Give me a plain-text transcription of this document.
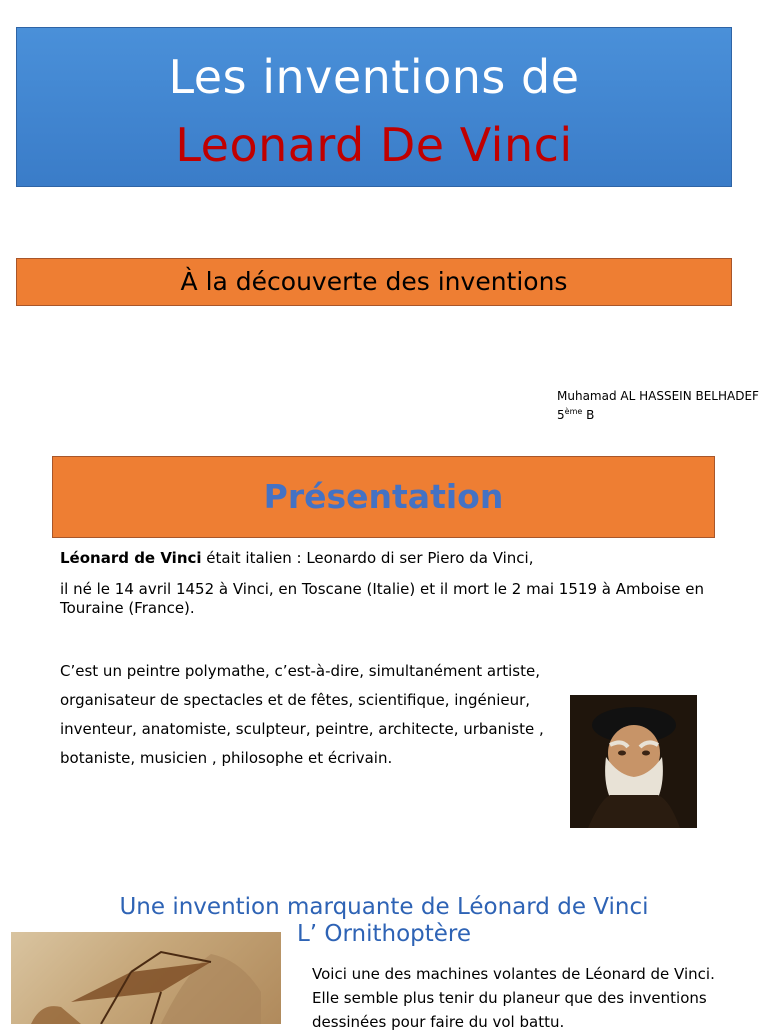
Les inventions de
Leonard De Vinci
À la découverte des inventions
Muhamad AL HASSEIN BELHADEF
5ème B
Présentation
Léonard de Vinci était italien : Leonardo di ser Piero da Vinci,
il né le 14 avril 1452 à Vinci, en Toscane (Italie) et il mort le 2 mai 1519 à Amboise en Touraine (France).
C’est un peintre polymathe, c’est-à-dire, simultanément artiste, organisateur de spectacles et de fêtes, scientifique, ingénieur, inventeur, anatomiste, sculpteur, peintre, architecte, urbaniste , botaniste, musicien , philosophe et écrivain.
Une invention marquante de Léonard de Vinci
L’ Ornithoptère
Voici une des machines volantes de Léonard de Vinci. Elle semble plus tenir du planeur que des inventions dessinées pour faire du vol battu.
